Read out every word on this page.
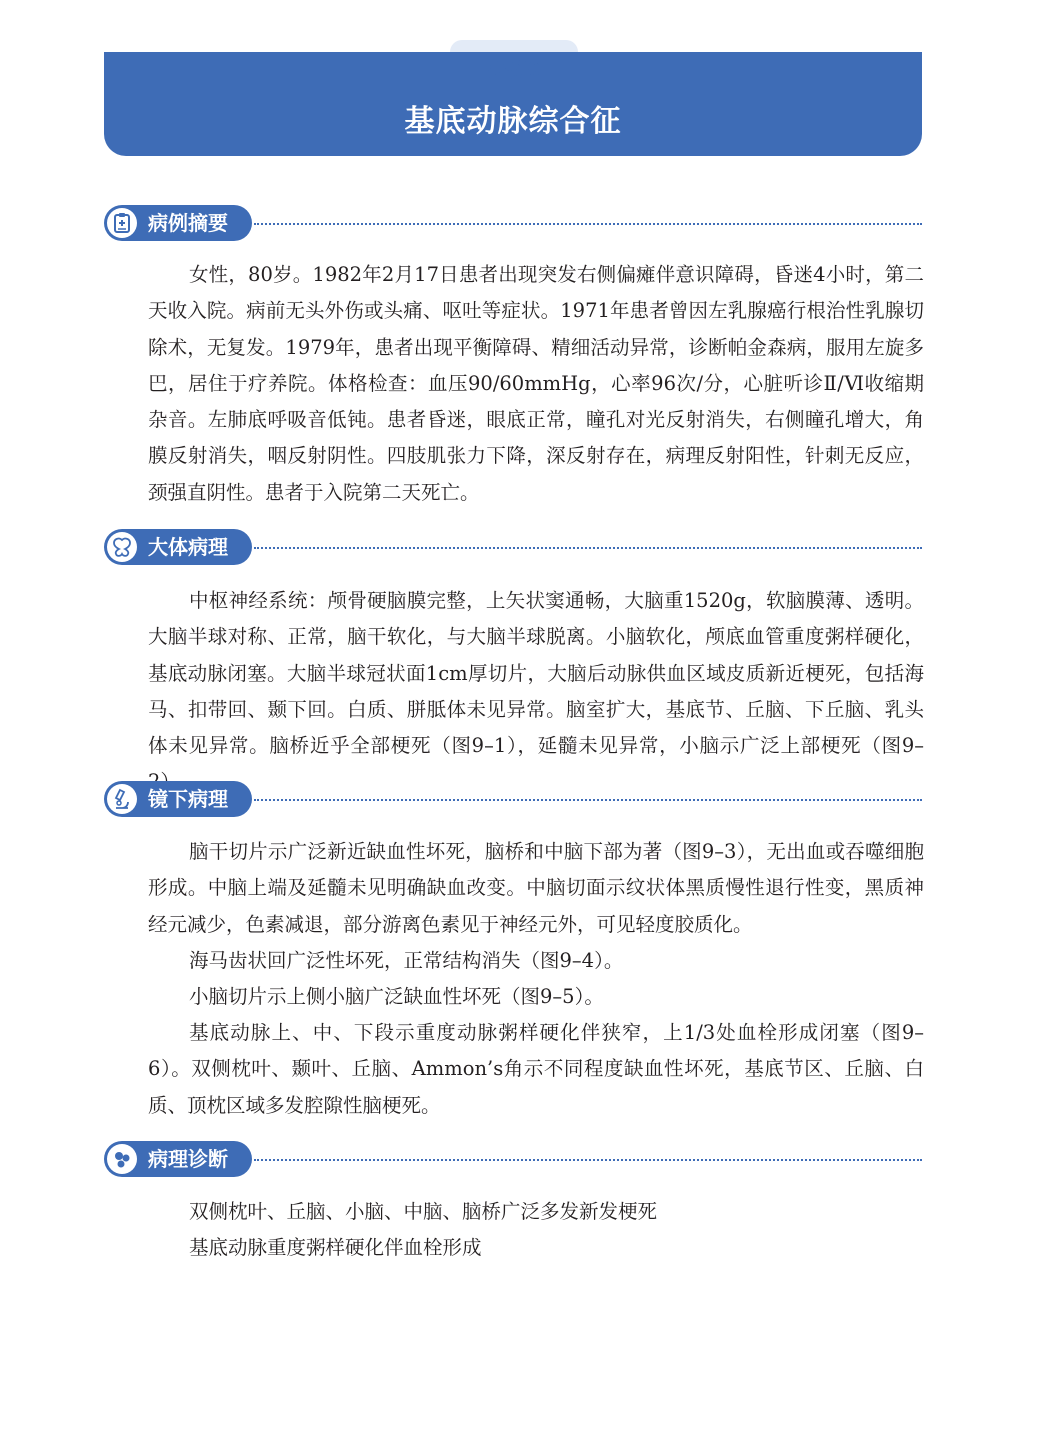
病例9
基底动脉综合征
病例摘要

女性，80岁。1982年2月17日患者出现突发右侧偏瘫伴意识障碍，昏迷4小时，第二天收入院。病前无头外伤或头痛、呕吐等症状。1971年患者曾因左乳腺癌行根治性乳腺切除术，无复发。1979年，患者出现平衡障碍、精细活动异常，诊断帕金森病，服用左旋多巴，居住于疗养院。体格检查：血压90/60mmHg，心率96次/分，心脏听诊Ⅱ/Ⅵ收缩期杂音。左肺底呼吸音低钝。患者昏迷，眼底正常，瞳孔对光反射消失，右侧瞳孔增大，角膜反射消失，咽反射阴性。四肢肌张力下降，深反射存在，病理反射阳性，针刺无反应，颈强直阴性。患者于入院第二天死亡。

大体病理

中枢神经系统：颅骨硬脑膜完整，上矢状窦通畅，大脑重1520g，软脑膜薄、透明。大脑半球对称、正常，脑干软化，与大脑半球脱离。小脑软化，颅底血管重度粥样硬化，基底动脉闭塞。大脑半球冠状面1cm厚切片，大脑后动脉供血区域皮质新近梗死，包括海马、扣带回、颞下回。白质、胼胝体未见异常。脑室扩大，基底节、丘脑、下丘脑、乳头体未见异常。脑桥近乎全部梗死（图9–1），延髓未见异常，小脑示广泛上部梗死（图9–

镜下病理

脑干切片示广泛新近缺血性坏死，脑桥和中脑下部为著（图9–3），无出血或吞噬细胞形成。中脑上端及延髓未见明确缺血改变。中脑切面示纹状体黑质慢性退行性变，黑质神经元减少，色素减退，部分游离色素见于神经元外，可见轻度胶质化。

海马齿状回广泛性坏死，正常结构消失（图9–4）。

小脑切片示上侧小脑广泛缺血性坏死（图9–5）。

基底动脉上、中、下段示重度动脉粥样硬化伴狭窄，上1/3处血栓形成闭塞（图9–6）。双侧枕叶、颞叶、丘脑、Ammon’s角示不同程度缺血性坏死，基底节区、丘脑、白质、顶枕区域多发腔隙性脑梗死。

病理诊断

双侧枕叶、丘脑、小脑、中脑、脑桥广泛多发新发梗死

基底动脉重度粥样硬化伴血栓形成
